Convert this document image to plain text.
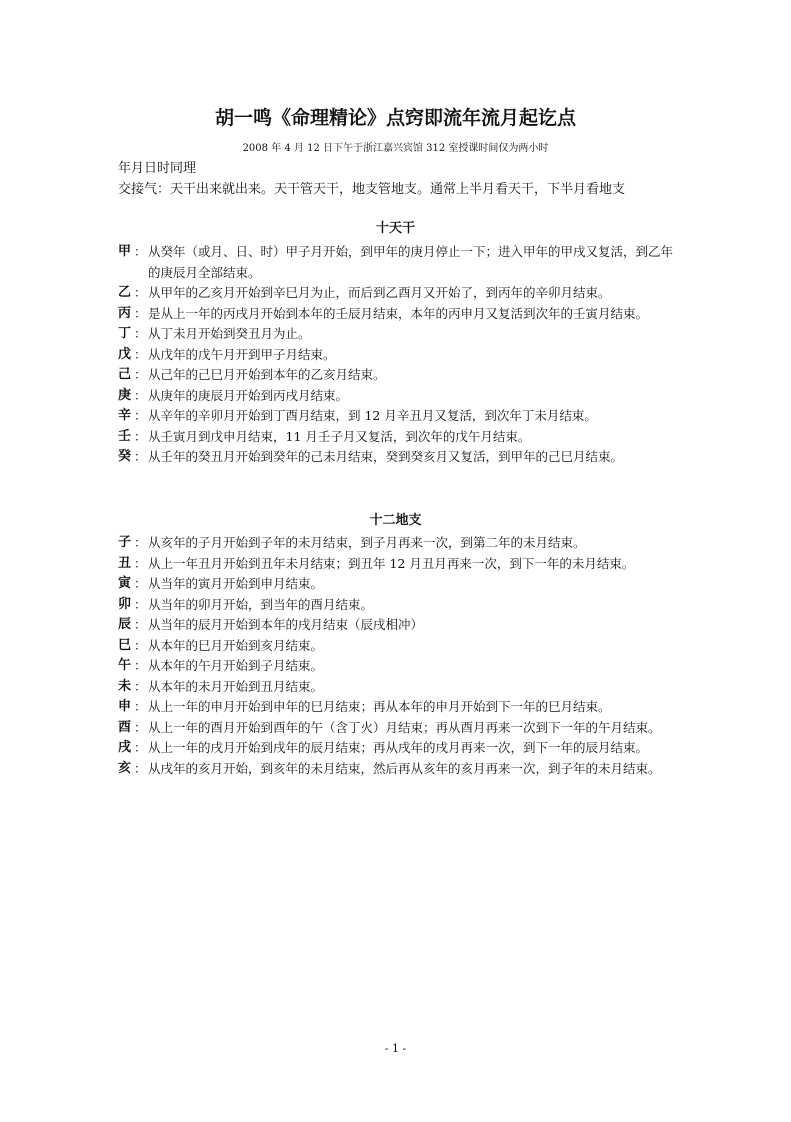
胡一鸣《命理精论》点窍即流年流月起讫点
2008 年 4 月 12 日下午于浙江嘉兴宾馆 312 室授课时间仅为两小时
年月日时同理
交接气：天干出来就出来。天干管天干，地支管地支。通常上半月看天干，下半月看地支
十天干
甲 ： 从癸年（或月、日、时）甲子月开始，到甲年的庚月停止一下；进入甲年的甲戌又复活，到乙年的庚辰月全部结束。
乙 ： 从甲年的乙亥月开始到辛巳月为止，而后到乙酉月又开始了，到丙年的辛卯月结束。
丙 ： 是从上一年的丙戌月开始到本年的壬辰月结束，本年的丙申月又复活到次年的壬寅月结束。
丁 ： 从丁未月开始到癸丑月为止。
戊 ： 从戊年的戊午月开到甲子月结束。
己 ： 从己年的己巳月开始到本年的乙亥月结束。
庚 ： 从庚年的庚辰月开始到丙戌月结束。
辛 ： 从辛年的辛卯月开始到丁酉月结束，到 12 月辛丑月又复活，到次年丁未月结束。
壬 ： 从壬寅月到戊申月结束，11 月壬子月又复活，到次年的戊午月结束。
癸 ： 从壬年的癸丑月开始到癸年的己未月结束，癸到癸亥月又复活，到甲年的己巳月结束。
十二地支
子 ： 从亥年的子月开始到子年的未月结束，到子月再来一次，到第二年的未月结束。
丑 ： 从上一年丑月开始到丑年未月结束；到丑年 12 月丑月再来一次，到下一年的未月结束。
寅 ： 从当年的寅月开始到申月结束。
卯 ： 从当年的卯月开始，到当年的酉月结束。
辰 ： 从当年的辰月开始到本年的戌月结束（辰戌相冲）
巳 ： 从本年的巳月开始到亥月结束。
午 ： 从本年的午月开始到子月结束。
未 ： 从本年的未月开始到丑月结束。
申 ： 从上一年的申月开始到申年的巳月结束；再从本年的申月开始到下一年的巳月结束。
酉 ： 从上一年的酉月开始到酉年的午（含丁火）月结束；再从酉月再来一次到下一年的午月结束。
戌 ： 从上一年的戌月开始到戌年的辰月结束；再从戌年的戌月再来一次，到下一年的辰月结束。
亥 ： 从戌年的亥月开始，到亥年的未月结束，然后再从亥年的亥月再来一次，到子年的未月结束。
- 1 -
